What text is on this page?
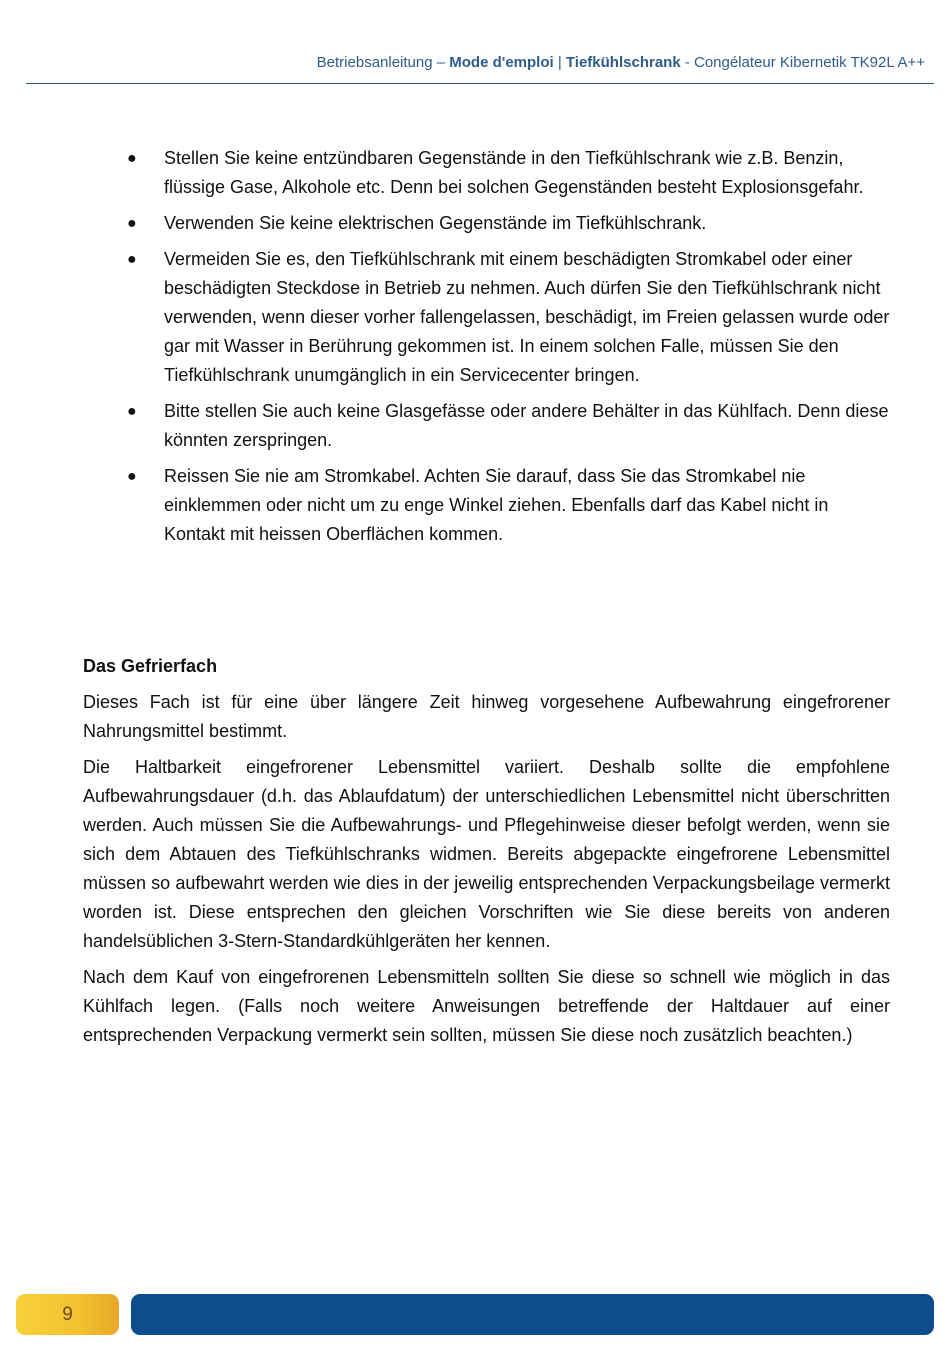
Betriebsanleitung – Mode d'emploi | Tiefkühlschrank - Congélateur Kibernetik TK92L A++
● Stellen Sie keine entzündbaren Gegenstände in den Tiefkühlschrank wie z.B. Benzin, flüssige Gase, Alkohole etc. Denn bei solchen Gegenständen besteht Explosionsgefahr.
● Verwenden Sie keine elektrischen Gegenstände im Tiefkühlschrank.
● Vermeiden Sie es, den Tiefkühlschrank mit einem beschädigten Stromkabel oder einer beschädigten Steckdose in Betrieb zu nehmen. Auch dürfen Sie den Tiefkühlschrank nicht verwenden, wenn dieser vorher fallengelassen, beschädigt, im Freien gelassen wurde oder gar mit Wasser in Berührung gekommen ist. In einem solchen Falle, müssen Sie den Tiefkühlschrank unumgänglich in ein Servicecenter bringen.
● Bitte stellen Sie auch keine Glasgefässe oder andere Behälter in das Kühlfach. Denn diese könnten zerspringen.
● Reissen Sie nie am Stromkabel. Achten Sie darauf, dass Sie das Stromkabel nie einklemmen oder nicht um zu enge Winkel ziehen. Ebenfalls darf das Kabel nicht in Kontakt mit heissen Oberflächen kommen.

Das Gefrierfach

Dieses Fach ist für eine über längere Zeit hinweg vorgesehene Aufbewahrung eingefrorener Nahrungsmittel bestimmt.

Die Haltbarkeit eingefrorener Lebensmittel variiert. Deshalb sollte die empfohlene Aufbewahrungsdauer (d.h. das Ablaufdatum) der unterschiedlichen Lebensmittel nicht überschritten werden. Auch müssen Sie die Aufbewahrungs- und Pflegehinweise dieser befolgt werden, wenn sie sich dem Abtauen des Tiefkühlschranks widmen. Bereits abgepackte eingefrorene Lebensmittel müssen so aufbewahrt werden wie dies in der jeweilig entsprechenden Verpackungsbeilage vermerkt worden ist. Diese entsprechen den gleichen Vorschriften wie Sie diese bereits von anderen handelsüblichen 3-Stern-Standardkühlgeräten her kennen.

Nach dem Kauf von eingefrorenen Lebensmitteln sollten Sie diese so schnell wie möglich in das Kühlfach legen. (Falls noch weitere Anweisungen betreffende der Haltdauer auf einer entsprechenden Verpackung vermerkt sein sollten, müssen Sie diese noch zusätzlich beachten.)

9
